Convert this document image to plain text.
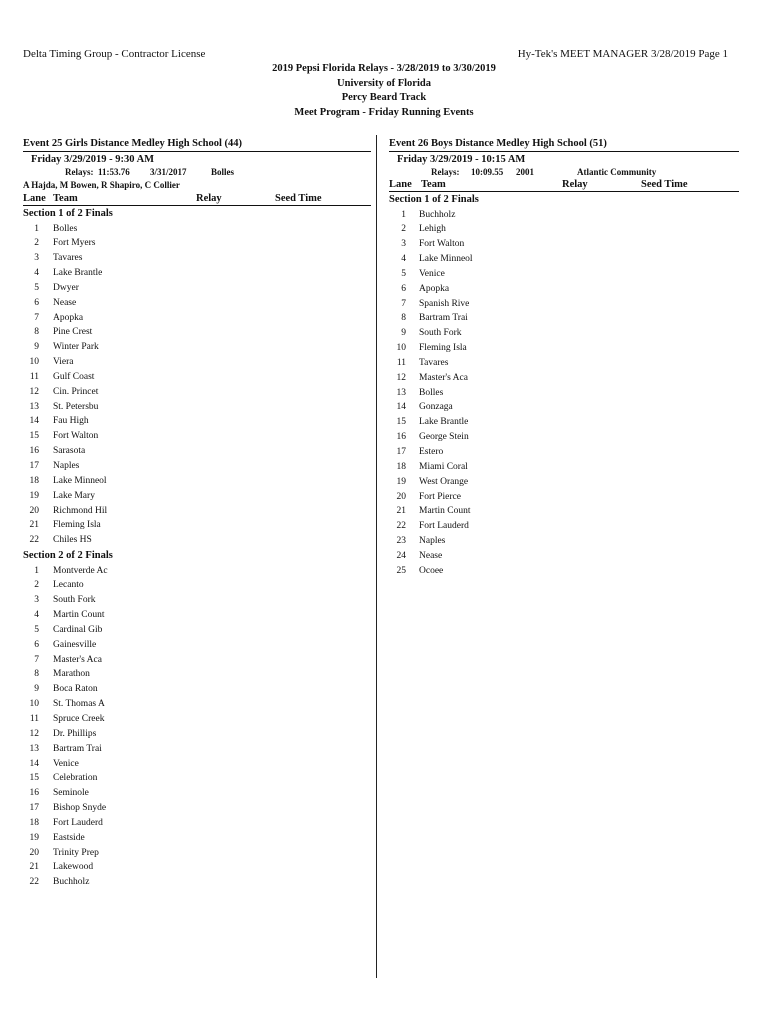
Delta Timing Group - Contractor License	Hy-Tek's MEET MANAGER 3/28/2019 Page 1
2019 Pepsi Florida Relays - 3/28/2019 to 3/30/2019
University of Florida
Percy Beard Track
Meet Program - Friday Running Events
Event 25 Girls Distance Medley High School (44)
Friday 3/29/2019 - 9:30 AM
Relays: 11:53.76 3/31/2017	Bolles
A Hajda, M Bowen, R Shapiro, C Collier
Lane Team	Relay	Seed Time
Section 1 of 2 Finals
1 Bolles
2 Fort Myers
3 Tavares
4 Lake Brantle
5 Dwyer
6 Nease
7 Apopka
8 Pine Crest
9 Winter Park
10 Viera
11 Gulf Coast
12 Cin. Princet
13 St. Petersbu
14 Fau High
15 Fort Walton
16 Sarasota
17 Naples
18 Lake Minneol
19 Lake Mary
20 Richmond Hil
21 Fleming Isla
22 Chiles HS
Section 2 of 2 Finals
1 Montverde Ac
2 Lecanto
3 South Fork
4 Martin Count
5 Cardinal Gib
6 Gainesville
7 Master's Aca
8 Marathon
9 Boca Raton
10 St. Thomas A
11 Spruce Creek
12 Dr. Phillips
13 Bartram Trai
14 Venice
15 Celebration
16 Seminole
17 Bishop Snyde
18 Fort Lauderd
19 Eastside
20 Trinity Prep
21 Lakewood
22 Buchholz
Event 26 Boys Distance Medley High School (51)
Friday 3/29/2019 - 10:15 AM
Relays: 10:09.55 2001	Atlantic Community
Lane Team	Relay	Seed Time
Section 1 of 2 Finals
1 Buchholz
2 Lehigh
3 Fort Walton
4 Lake Minneol
5 Venice
6 Apopka
7 Spanish Rive
8 Bartram Trai
9 South Fork
10 Fleming Isla
11 Tavares
12 Master's Aca
13 Bolles
14 Gonzaga
15 Lake Brantle
16 George Stein
17 Estero
18 Miami Coral
19 West Orange
20 Fort Pierce
21 Martin Count
22 Fort Lauderd
23 Naples
24 Nease
25 Ocoee
